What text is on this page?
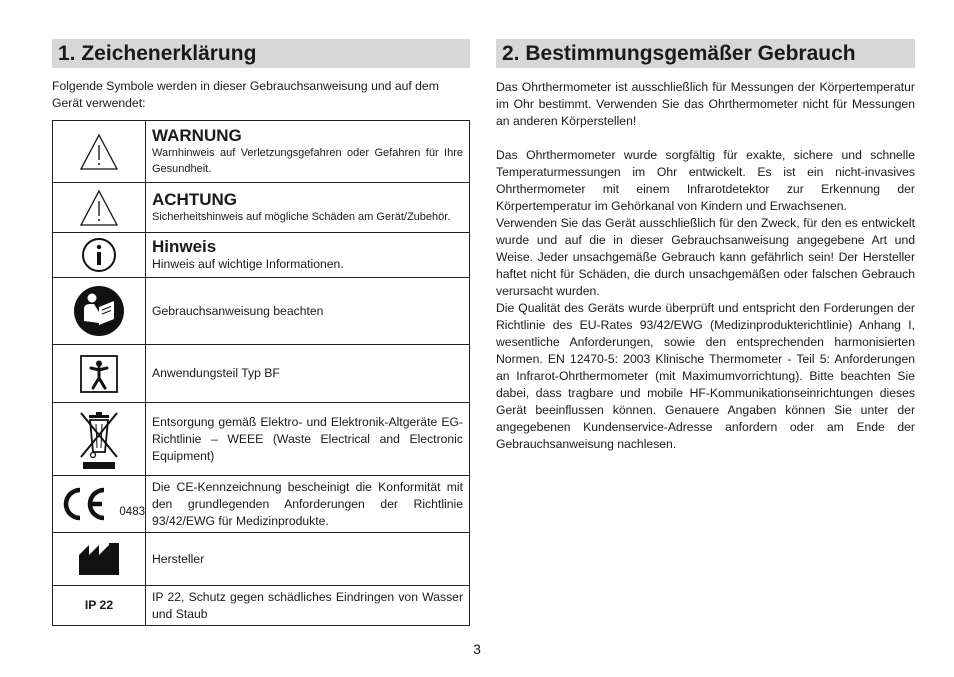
1. Zeichenerklärung

Folgende Symbole werden in dieser Gebrauchsanweisung und auf dem Gerät verwendet:

WARNUNG
Warnhinweis auf Verletzungsgefahren oder Gefahren für Ihre Gesundheit.

ACHTUNG
Sicherheitshinweis auf mögliche Schäden am Gerät/Zubehör.

Hinweis
Hinweis auf wichtige Informationen.

	Gebrauchsanweisung beachten

	Anwendungsteil Typ BF

	Entsorgung gemäß Elektro- und Elektronik-Altgeräte EG-Richtlinie – WEEE (Waste Electrical and Electronic Equipment)

0483	Die CE-Kennzeichnung bescheinigt die Konformität mit den grundlegenden Anforderungen der Richtlinie 93/42/EWG für Medizinprodukte.

	Hersteller
IP 22	IP 22, Schutz gegen schädliches Eindringen von Wasser und Staub
2. Bestimmungsgemäßer Gebrauch

Das Ohrthermometer ist ausschließlich für Messungen der Körpertemperatur im Ohr bestimmt. Verwenden Sie das Ohrthermometer nicht für Messungen an anderen Körperstellen!

Das Ohrthermometer wurde sorgfältig für exakte, sichere und schnelle Temperaturmessungen im Ohr entwickelt. Es ist ein nicht-invasives Ohrthermometer mit einem Infrarotdetektor zur Erkennung der Körpertemperatur im Gehörkanal von Kindern und Erwachsenen.

Verwenden Sie das Gerät ausschließlich für den Zweck, für den es entwickelt wurde und auf die in dieser Gebrauchsanweisung angegebene Art und Weise. Jeder unsachgemäße Gebrauch kann gefährlich sein! Der Hersteller haftet nicht für Schäden, die durch unsachgemäßen oder falschen Gebrauch verursacht wurden.

Die Qualität des Geräts wurde überprüft und entspricht den Forderungen der Richtlinie des EU-Rates 93/42/EWG (Medizinprodukterichtlinie) Anhang I, wesentliche Anforderungen, sowie den entsprechenden harmonisierten Normen. EN 12470-5: 2003 Klinische Thermometer - Teil 5: Anforderungen an Infrarot-Ohrthermometer (mit Maximumvorrichtung). Bitte beachten Sie dabei, dass tragbare und mobile HF-Kommunikationseinrichtungen dieses Gerät beeinflussen können. Genauere Angaben können Sie unter der angegebenen Kundenservice-Adresse anfordern oder am Ende der Gebrauchsanweisung nachlesen.

3
